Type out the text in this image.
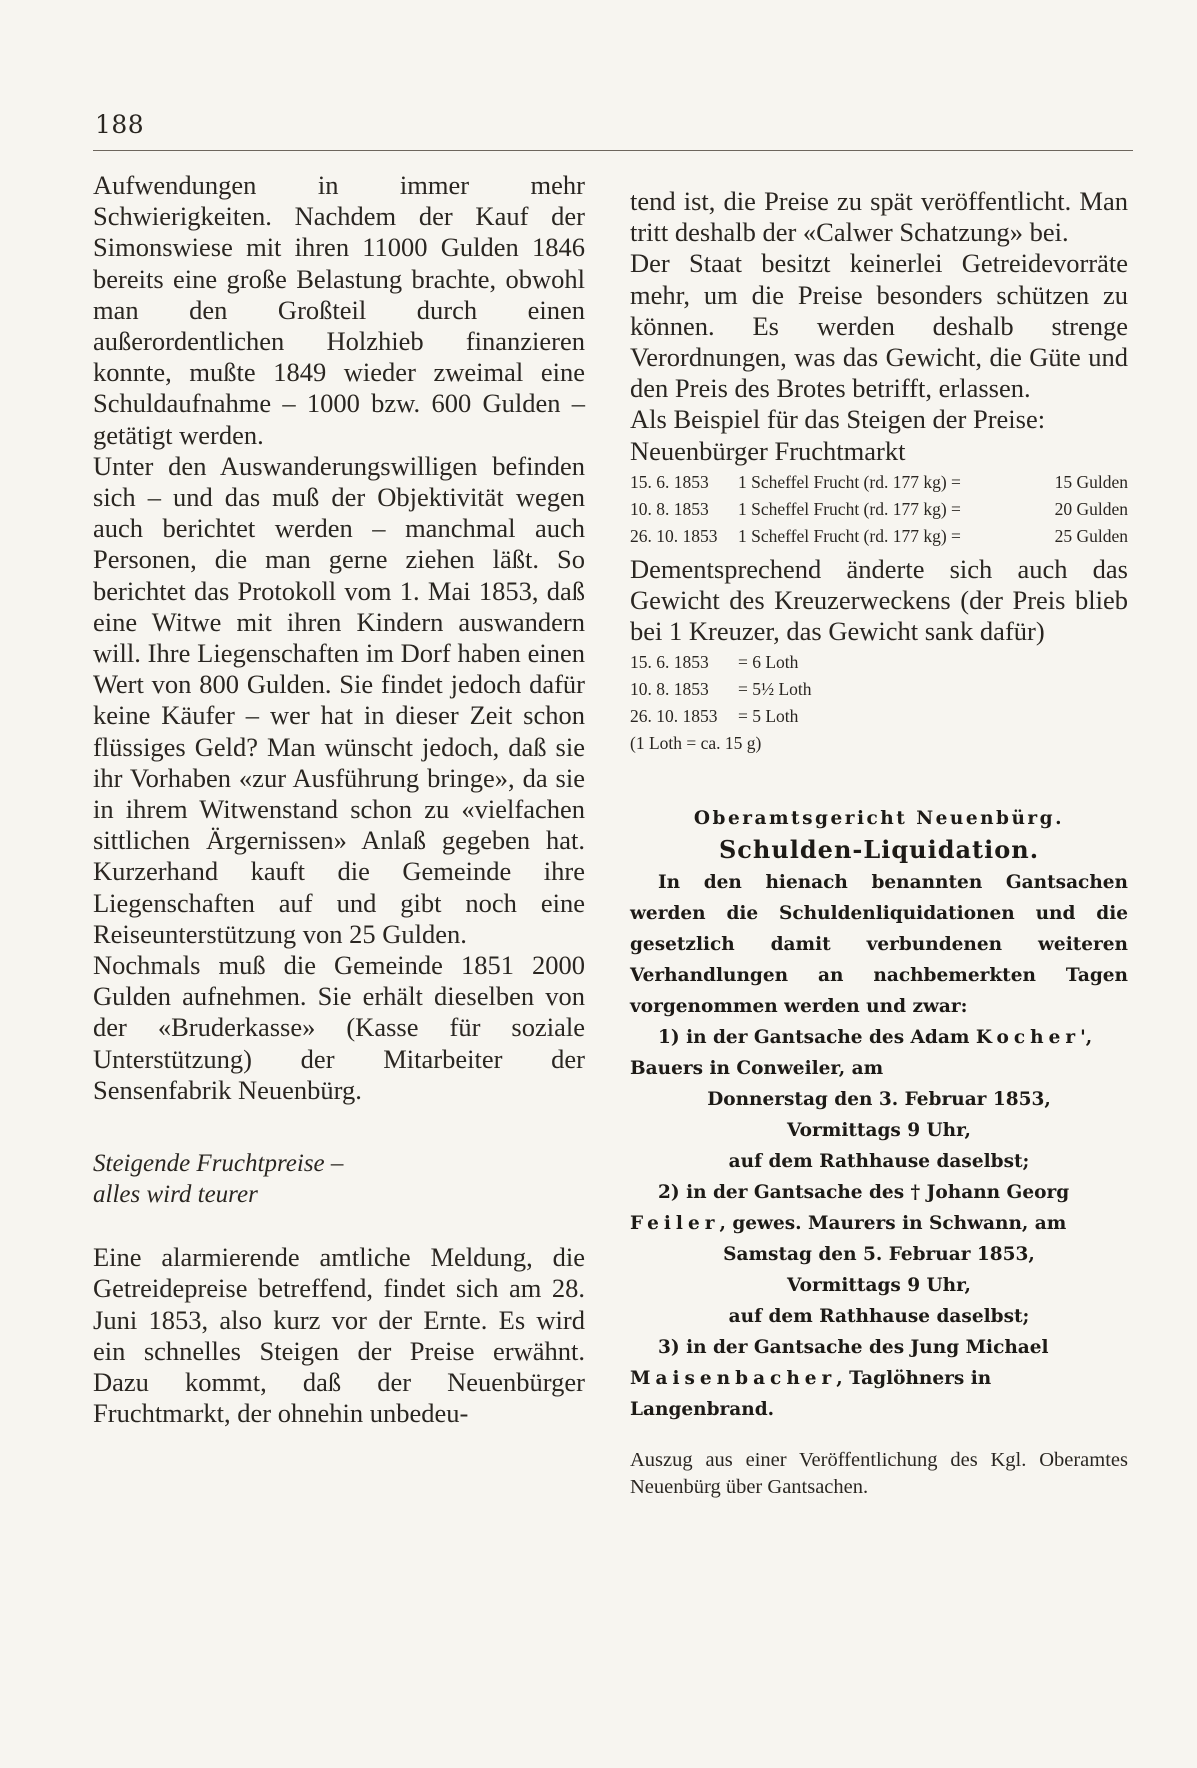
188

Aufwendungen in immer mehr Schwierigkeiten. Nachdem der Kauf der Simonswiese mit ihren 11000 Gulden 1846 bereits eine große Belastung brachte, obwohl man den Großteil durch einen außerordentlichen Holzhieb finanzieren konnte, mußte 1849 wieder zweimal eine Schuldaufnahme – 1000 bzw. 600 Gulden – getätigt werden.

Unter den Auswanderungswilligen befinden sich – und das muß der Objektivität wegen auch berichtet werden – manchmal auch Personen, die man gerne ziehen läßt. So berichtet das Protokoll vom 1. Mai 1853, daß eine Witwe mit ihren Kindern auswandern will. Ihre Liegenschaften im Dorf haben einen Wert von 800 Gulden. Sie findet jedoch dafür keine Käufer – wer hat in dieser Zeit schon flüssiges Geld? Man wünscht jedoch, daß sie ihr Vorhaben «zur Ausführung bringe», da sie in ihrem Witwenstand schon zu «vielfachen sittlichen Ärgernissen» Anlaß gegeben hat. Kurzerhand kauft die Gemeinde ihre Liegenschaften auf und gibt noch eine Reiseunterstützung von 25 Gulden.

Nochmals muß die Gemeinde 1851 2000 Gulden aufnehmen. Sie erhält dieselben von der «Bruderkasse» (Kasse für soziale Unterstützung) der Mitarbeiter der Sensenfabrik Neuenbürg.

Steigende Fruchtpreise –
alles wird teurer

Eine alarmierende amtliche Meldung, die Getreidepreise betreffend, findet sich am 28. Juni 1853, also kurz vor der Ernte. Es wird ein schnelles Steigen der Preise erwähnt. Dazu kommt, daß der Neuenbürger Fruchtmarkt, der ohnehin unbedeu-

tend ist, die Preise zu spät veröffentlicht. Man tritt deshalb der «Calwer Schatzung» bei.

Der Staat besitzt keinerlei Getreidevorräte mehr, um die Preise besonders schützen zu können. Es werden deshalb strenge Verordnungen, was das Gewicht, die Güte und den Preis des Brotes betrifft, erlassen.

Als Beispiel für das Steigen der Preise:

Neuenbürger Fruchtmarkt

15. 6. 1853	1 Scheffel Frucht (rd. 177 kg) =	15 Gulden
10. 8. 1853	1 Scheffel Frucht (rd. 177 kg) =	20 Gulden
26. 10. 1853	1 Scheffel Frucht (rd. 177 kg) =	25 Gulden

Dementsprechend änderte sich auch das Gewicht des Kreuzerweckens (der Preis blieb bei 1 Kreuzer, das Gewicht sank dafür)

15. 6. 1853	= 6 Loth
10. 8. 1853	= 5½ Loth
26. 10. 1853	= 5 Loth
(1 Loth = ca. 15 g)
Oberamtsgericht Neuenbürg.
Schulden-Liquidation.
In den hienach benannten Gantsachen werden die Schuldenliquidationen und die gesetzlich damit verbundenen weiteren Verhandlungen an nachbemerkten Tagen vorgenommen werden und zwar:
1) in der Gantsache des Adam Kocher',
Bauers in Conweiler, am
Donnerstag den 3. Februar 1853,
Vormittags 9 Uhr,
auf dem Rathhause daselbst;
2) in der Gantsache des † Johann Georg
Feiler, gewes. Maurers in Schwann, am
Samstag den 5. Februar 1853,
Vormittags 9 Uhr,
auf dem Rathhause daselbst;
3) in der Gantsache des Jung Michael
Maisenbacher, Taglöhners in Langenbrand.
Auszug aus einer Veröffentlichung des Kgl. Oberamtes Neuenbürg über Gantsachen.
